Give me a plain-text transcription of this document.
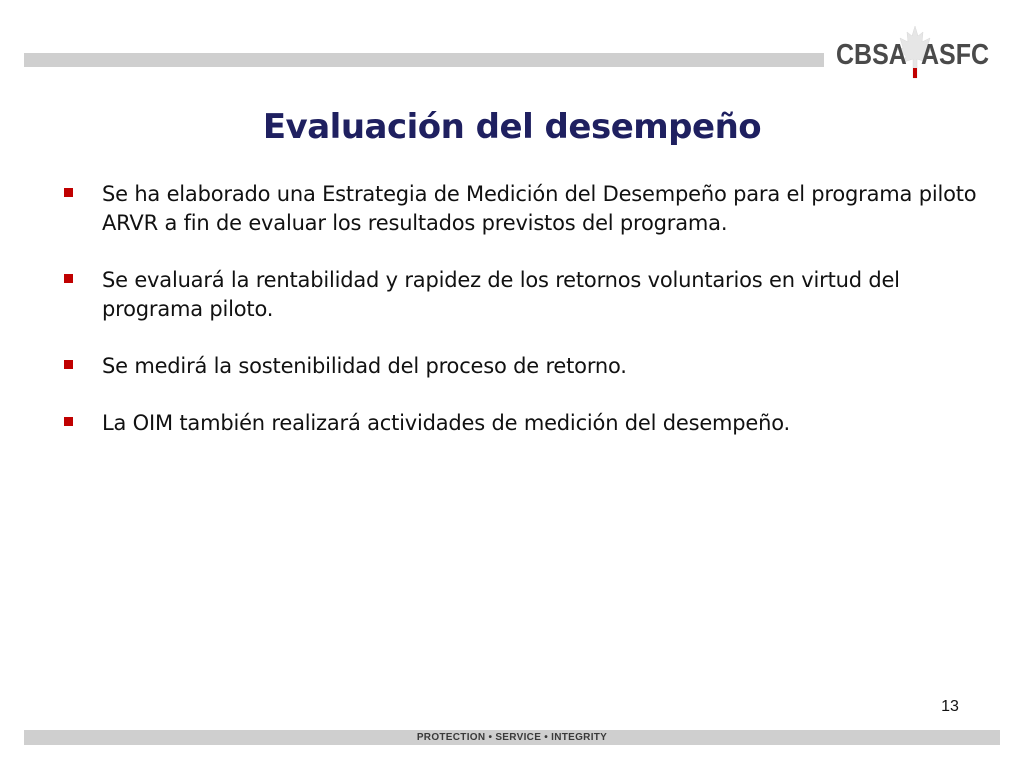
CBSA ASFC
Evaluación del desempeño
Se ha elaborado una Estrategia de Medición del Desempeño para el programa piloto ARVR a fin de evaluar los resultados previstos del programa.
Se evaluará la rentabilidad y rapidez de los retornos voluntarios en virtud del programa piloto.
Se medirá la sostenibilidad del proceso de retorno.
La OIM también realizará actividades de medición del desempeño.
13
PROTECTION • SERVICE • INTEGRITY
